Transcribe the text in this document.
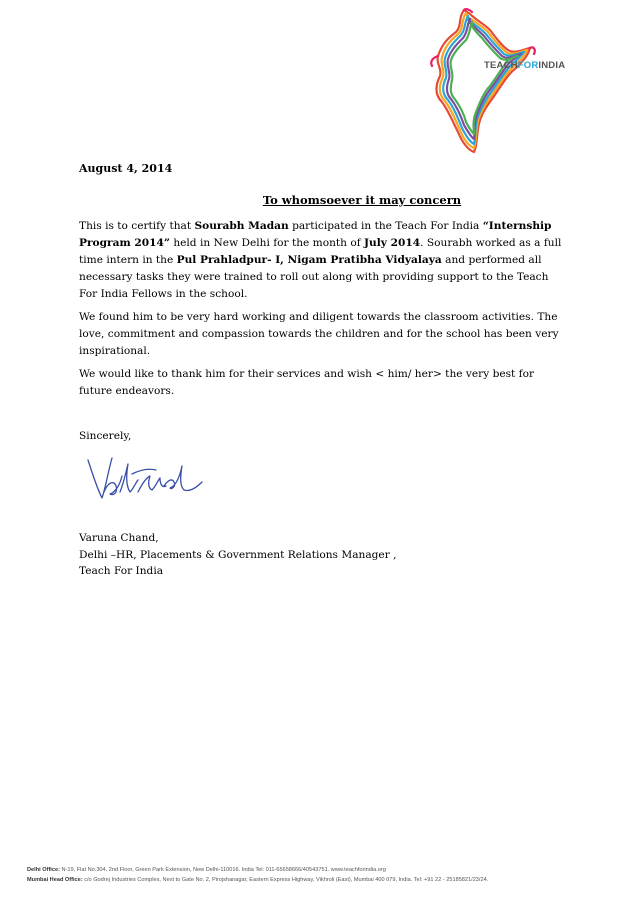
TEACHFORINDIA
August 4, 2014
To whomsoever it may concern

This is to certify that Sourabh Madan participated in the Teach For India “Internship Program 2014” held in New Delhi for the month of July 2014. Sourabh worked as a full time intern in the Pul Prahladpur- I, Nigam Pratibha Vidyalaya and performed all necessary tasks they were trained to roll out along with providing support to the Teach For India Fellows in the school.

We found him to be very hard working and diligent towards the classroom activities. The love, commitment and compassion towards the children and for the school has been very inspirational.

We would like to thank him for their services and wish < him/ her> the very best for future endeavors.

Sincerely,
Varuna Chand,
Delhi –HR, Placements & Government Relations Manager ,
Teach For India
Delhi Office: N-19, Flat No.304, 2nd Floor, Green Park Extension, New Delhi-110016. India Tel: 011-65658666/40543751. www.teachforindia.org
Mumbai Head Office: c/o Godrej Industries Complex, Next to Gate No. 2, Pirojshanagar, Eastern Express Highway, Vikhroli (East), Mumbai 400 079, India. Tel: +91 22 - 25185821/23/24.
